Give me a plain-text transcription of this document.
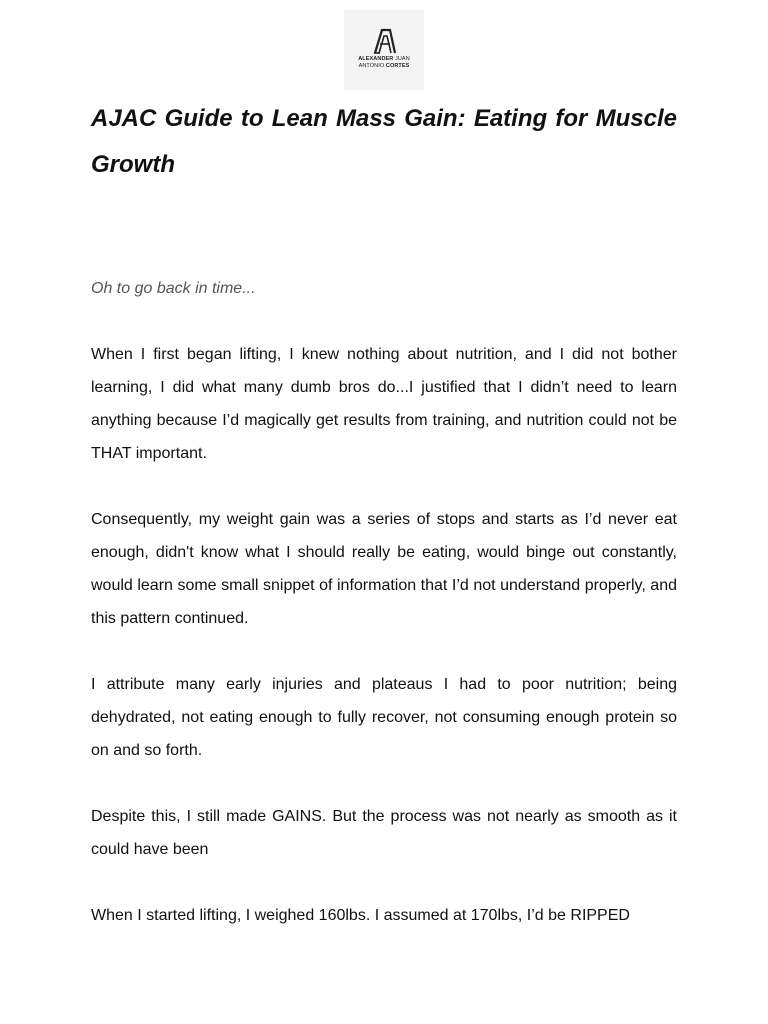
ALEXANDER JUAN
ANTONIO CORTES
AJAC Guide to Lean Mass Gain: Eating for Muscle Growth

Oh to go back in time...

When I first began lifting, I knew nothing about nutrition, and I did not bother learning, I did what many dumb bros do...I justified that I didn’t need to learn anything because I’d magically get results from training, and nutrition could not be THAT important.

Consequently, my weight gain was a series of stops and starts as I’d never eat enough, didn't know what I should really be eating, would binge out constantly, would learn some small snippet of information that I’d not understand properly, and this pattern continued.

I attribute many early injuries and plateaus I had to poor nutrition; being dehydrated, not eating enough to fully recover, not consuming enough protein so on and so forth.

Despite this, I still made GAINS. But the process was not nearly as smooth as it could have been

When I started lifting, I weighed 160lbs. I assumed at 170lbs, I’d be RIPPED
